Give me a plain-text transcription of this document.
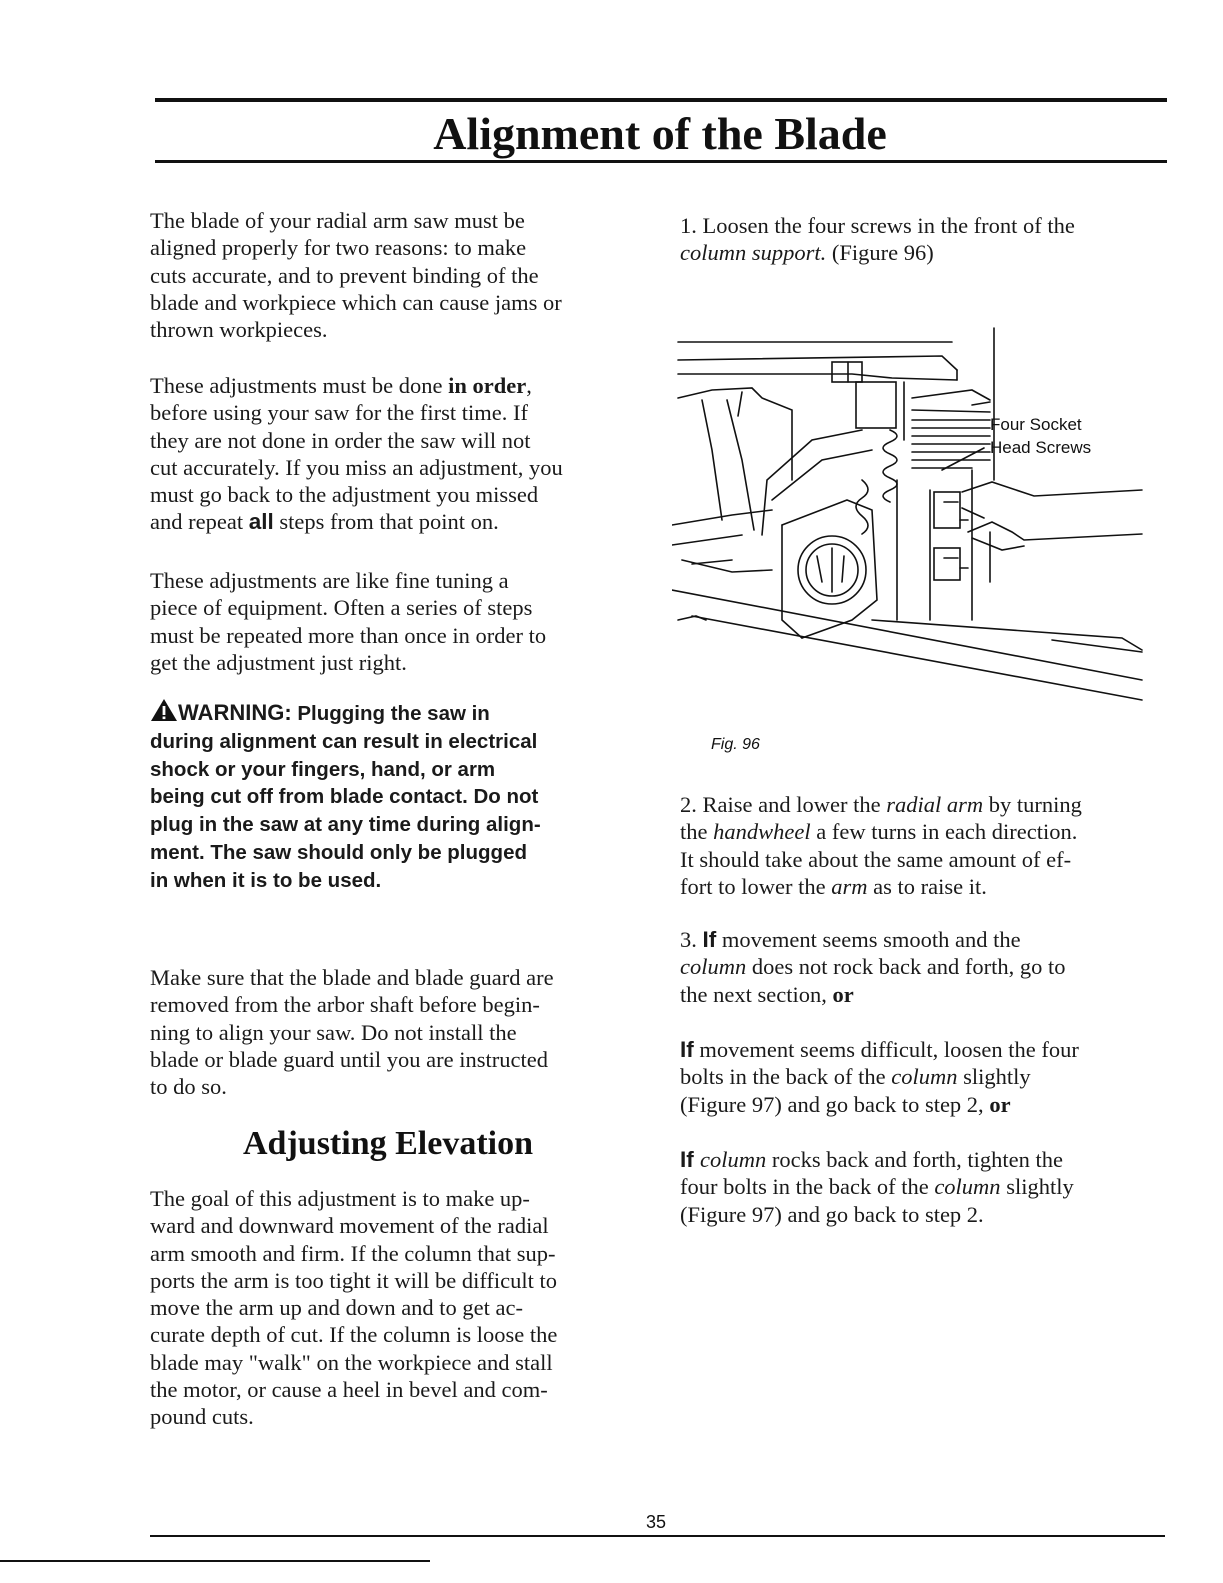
Alignment of the Blade
The blade of your radial arm saw must be
aligned properly for two reasons: to make
cuts accurate, and to prevent binding of the
blade and workpiece which can cause jams or
thrown workpieces.
These adjustments must be done in order,
before using your saw for the first time. If
they are not done in order the saw will not
cut accurately. If you miss an adjustment, you
must go back to the adjustment you missed
and repeat all steps from that point on.
These adjustments are like fine tuning a
piece of equipment. Often a series of steps
must be repeated more than once in order to
get the adjustment just right.
WARNING: Plugging the saw in
during alignment can result in electrical
shock or your fingers, hand, or arm
being cut off from blade contact. Do not
plug in the saw at any time during align-
ment. The saw should only be plugged
in when it is to be used.
Make sure that the blade and blade guard are
removed from the arbor shaft before begin-
ning to align your saw. Do not install the
blade or blade guard until you are instructed
to do so.
Adjusting Elevation
The goal of this adjustment is to make up-
ward and downward movement of the radial
arm smooth and firm. If the column that sup-
ports the arm is too tight it will be difficult to
move the arm up and down and to get ac-
curate depth of cut. If the column is loose the
blade may "walk" on the workpiece and stall
the motor, or cause a heel in bevel and com-
pound cuts.
1. Loosen the four screws in the front of the
column support. (Figure 96)
Four Socket
Head Screws
Fig. 96
2. Raise and lower the radial arm by turning
the handwheel a few turns in each direction.
It should take about the same amount of ef-
fort to lower the arm as to raise it.
3. If movement seems smooth and the
column does not rock back and forth, go to
the next section, or
If movement seems difficult, loosen the four
bolts in the back of the column slightly
(Figure 97) and go back to step 2, or
If column rocks back and forth, tighten the
four bolts in the back of the column slightly
(Figure 97) and go back to step 2.
35
